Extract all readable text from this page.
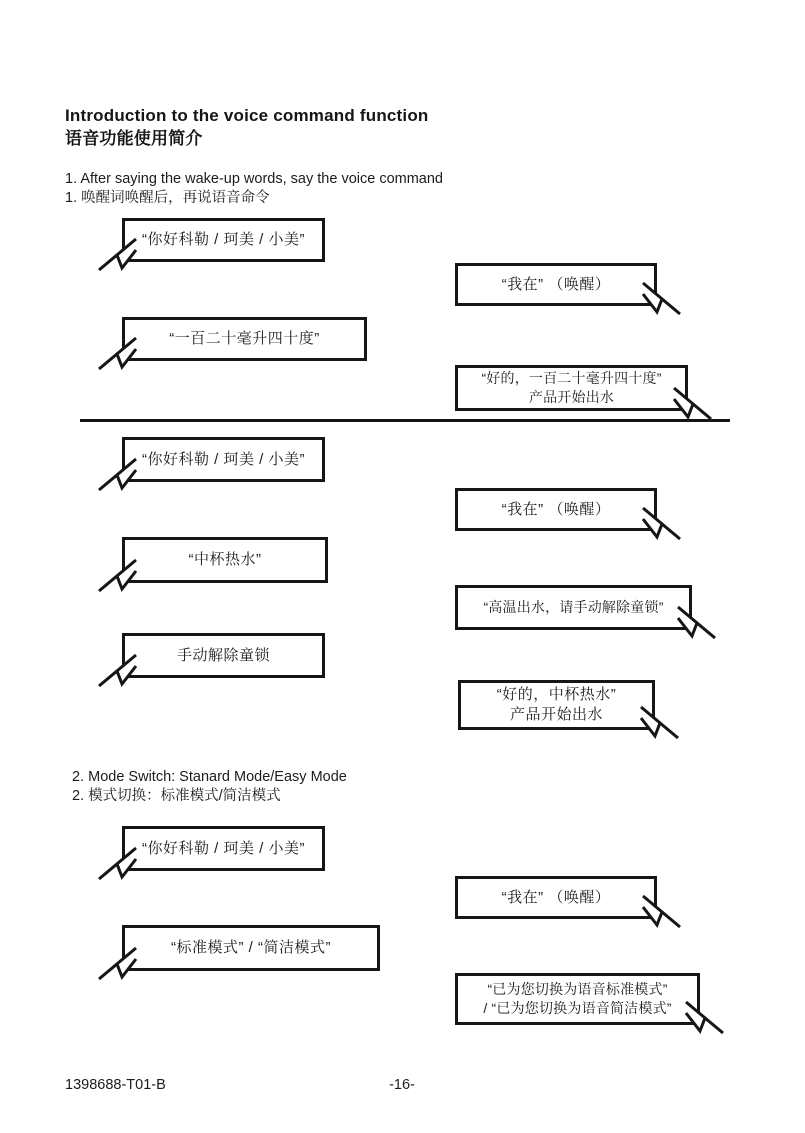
Introduction to the voice command function
语音功能使用简介
1. After saying the wake-up words, say the voice command
1. 唤醒词唤醒后，再说语音命令
“你好科勒 / 珂美 / 小美”
“我在” （唤醒）
“一百二十毫升四十度”
“好的，一百二十毫升四十度”
产品开始出水
“你好科勒 / 珂美 / 小美”
“我在” （唤醒）
“中杯热水”
“高温出水，请手动解除童锁”
手动解除童锁
“好的，中杯热水”
产品开始出水
2. Mode Switch: Stanard Mode/Easy Mode
2. 模式切换：标准模式/简洁模式
“你好科勒 / 珂美 / 小美”
“我在” （唤醒）
“标准模式” / “简洁模式”
“已为您切换为语音标准模式”
/ “已为您切换为语音简洁模式”
1398688-T01-B	-16-
